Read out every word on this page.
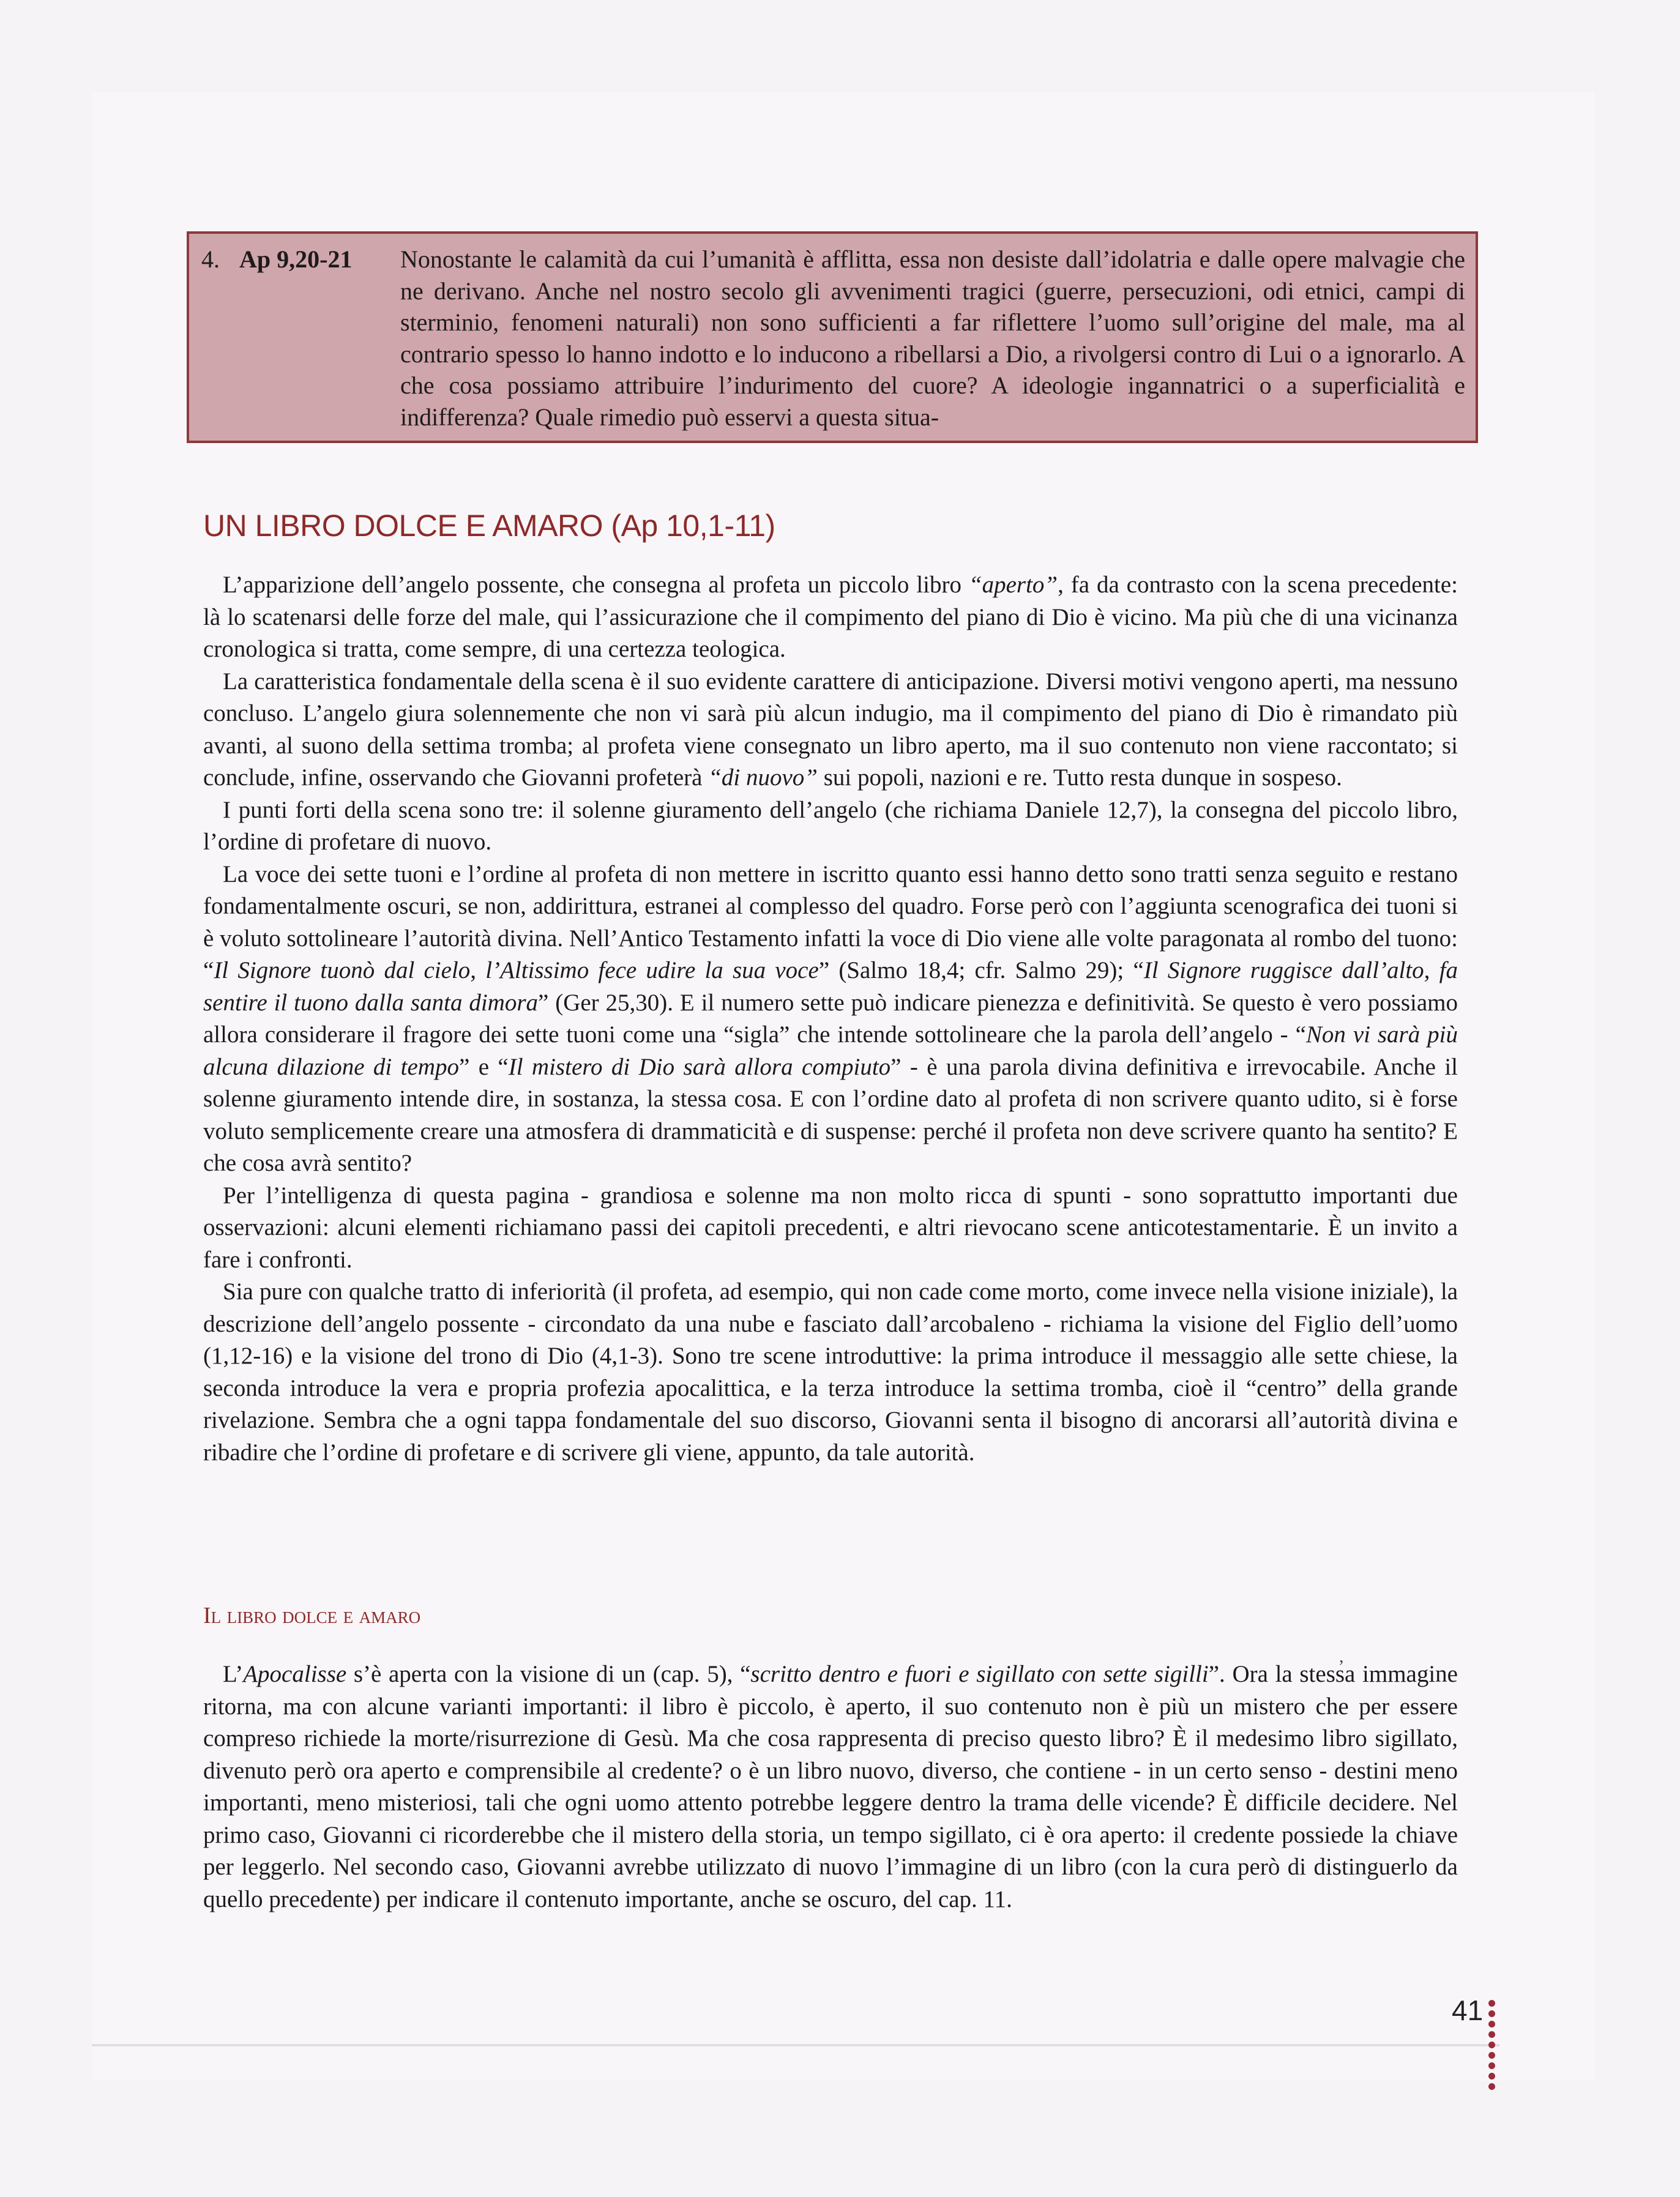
4. Ap 9,20-21 Nonostante le calamità da cui l’umanità è afflitta, essa non desiste dall’idolatria e dalle opere malvagie che ne derivano. Anche nel nostro secolo gli avvenimenti tragici (guerre, persecuzioni, odi etnici, campi di sterminio, fenomeni naturali) non sono sufficienti a far riflettere l’uomo sull’origine del male, ma al contrario spesso lo hanno indotto e lo inducono a ribellarsi a Dio, a rivolgersi contro di Lui o a ignorarlo. A che cosa possiamo attribuire l’indurimento del cuore? A ideologie ingannatrici o a superficialità e indifferenza? Quale rimedio può esservi a questa situa-
UN LIBRO DOLCE E AMARO (Ap 10,1-11)

L’apparizione dell’angelo possente, che consegna al profeta un piccolo libro “aperto”, fa da contrasto con la scena precedente: là lo scatenarsi delle forze del male, qui l’assicurazione che il compimento del piano di Dio è vicino. Ma più che di una vicinanza cronologica si tratta, come sempre, di una certezza teologica.

La caratteristica fondamentale della scena è il suo evidente carattere di anticipazione. Diversi motivi vengono aperti, ma nessuno concluso. L’angelo giura solennemente che non vi sarà più alcun indugio, ma il compimento del piano di Dio è rimandato più avanti, al suono della settima tromba; al profeta viene consegnato un libro aperto, ma il suo contenuto non viene raccontato; si conclude, infine, osservando che Giovanni profeterà “di nuovo” sui popoli, nazioni e re. Tutto resta dunque in sospeso.

I punti forti della scena sono tre: il solenne giuramento dell’angelo (che richiama Daniele 12,7), la consegna del piccolo libro, l’ordine di profetare di nuovo.

La voce dei sette tuoni e l’ordine al profeta di non mettere in iscritto quanto essi hanno detto sono tratti senza seguito e restano fondamentalmente oscuri, se non, addirittura, estranei al complesso del quadro. Forse però con l’aggiunta scenografica dei tuoni si è voluto sottolineare l’autorità divina. Nell’Antico Testamento infatti la voce di Dio viene alle volte paragonata al rombo del tuono: “Il Signore tuonò dal cielo, l’Altissimo fece udire la sua voce” (Salmo 18,4; cfr. Salmo 29); “Il Signore ruggisce dall’alto, fa sentire il tuono dalla santa dimora” (Ger 25,30). E il numero sette può indicare pienezza e definitività. Se questo è vero possiamo allora considerare il fragore dei sette tuoni come una “sigla” che intende sottolineare che la parola dell’angelo - “Non vi sarà più alcuna dilazione di tempo” e “Il mistero di Dio sarà allora compiuto” - è una parola divina definitiva e irrevocabile. Anche il solenne giuramento intende dire, in sostanza, la stessa cosa. E con l’ordine dato al profeta di non scrivere quanto udito, si è forse voluto semplicemente creare una atmosfera di drammaticità e di suspense: perché il profeta non deve scrivere quanto ha sentito? E che cosa avrà sentito?

Per l’intelligenza di questa pagina - grandiosa e solenne ma non molto ricca di spunti - sono soprattutto importanti due osservazioni: alcuni elementi richiamano passi dei capitoli precedenti, e altri rievocano scene anticotestamentarie. È un invito a fare i confronti.

Sia pure con qualche tratto di inferiorità (il profeta, ad esempio, qui non cade come morto, come invece nella visione iniziale), la descrizione dell’angelo possente - circondato da una nube e fasciato dall’arcobaleno - richiama la visione del Figlio dell’uomo (1,12-16) e la visione del trono di Dio (4,1-3). Sono tre scene introduttive: la prima introduce il messaggio alle sette chiese, la seconda introduce la vera e propria profezia apocalittica, e la terza introduce la settima tromba, cioè il “centro” della grande rivelazione. Sembra che a ogni tappa fondamentale del suo discorso, Giovanni senta il bisogno di ancorarsi all’autorità divina e ribadire che l’ordine di profetare e di scrivere gli viene, appunto, da tale autorità.

Il libro dolce e amaro
,

L’Apocalisse s’è aperta con la visione di un (cap. 5), “scritto dentro e fuori e sigillato con sette sigilli”. Ora la stessa immagine ritorna, ma con alcune varianti importanti: il libro è piccolo, è aperto, il suo contenuto non è più un mistero che per essere compreso richiede la morte/risurrezione di Gesù. Ma che cosa rappresenta di preciso questo libro? È il medesimo libro sigillato, divenuto però ora aperto e comprensibile al credente? o è un libro nuovo, diverso, che contiene - in un certo senso - destini meno importanti, meno misteriosi, tali che ogni uomo attento potrebbe leggere dentro la trama delle vicende? È difficile decidere. Nel primo caso, Giovanni ci ricorderebbe che il mistero della storia, un tempo sigillato, ci è ora aperto: il credente possiede la chiave per leggerlo. Nel secondo caso, Giovanni avrebbe utilizzato di nuovo l’immagine di un libro (con la cura però di distinguerlo da quello precedente) per indicare il contenuto importante, anche se oscuro, del cap. 11.

41
